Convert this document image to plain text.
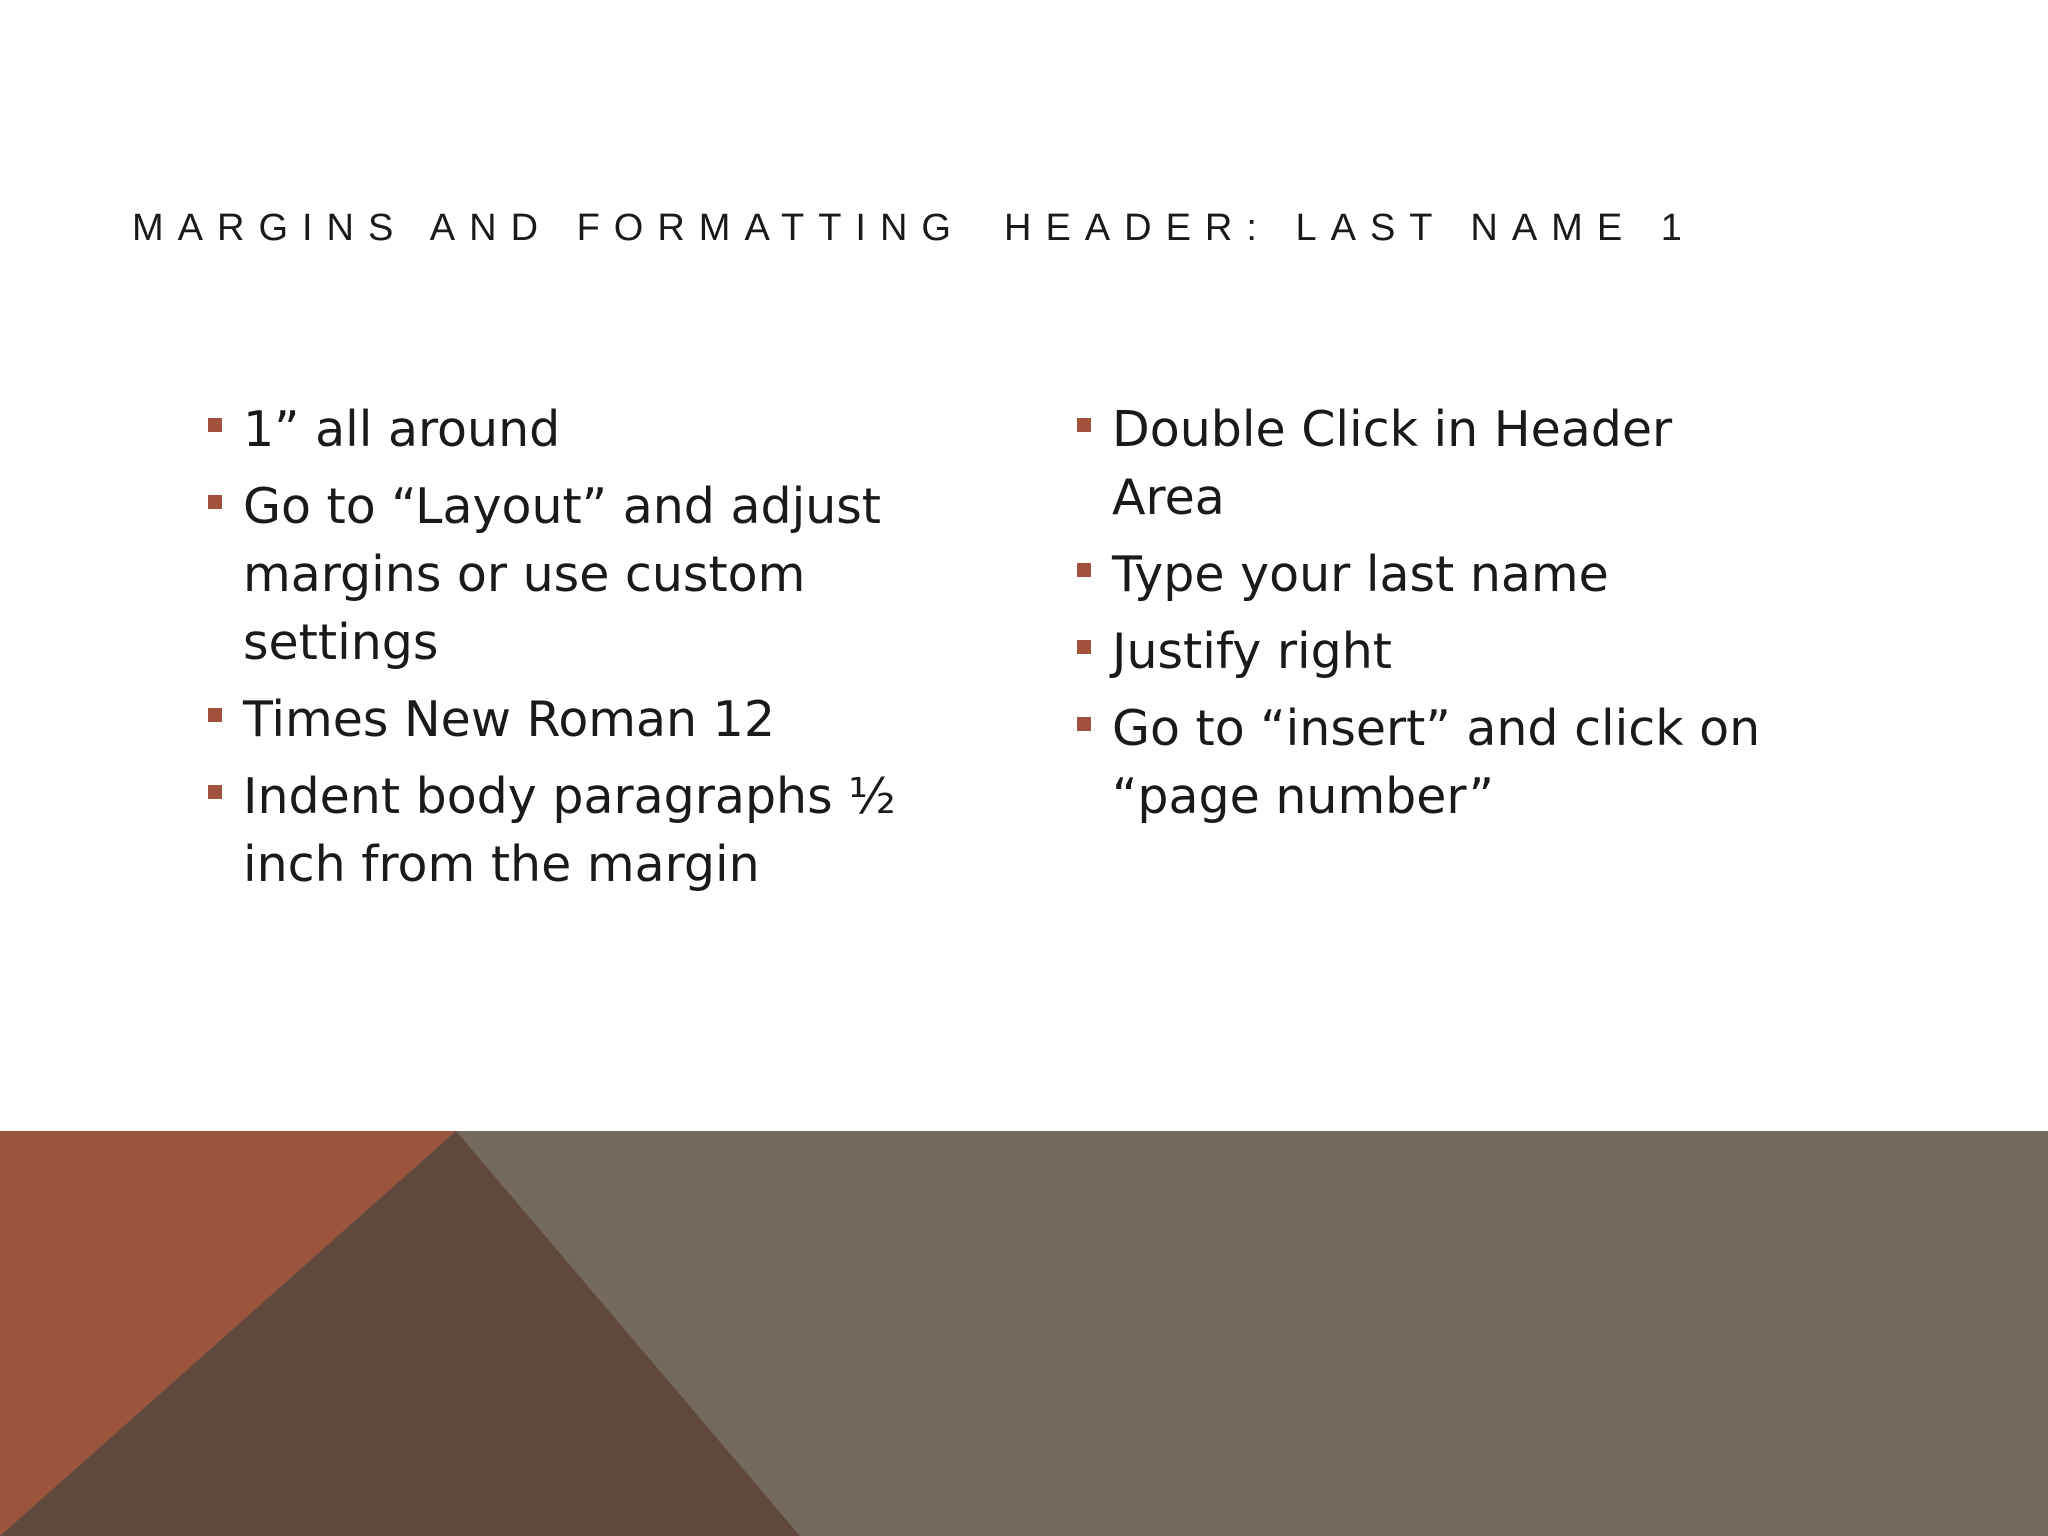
MARGINS AND FORMATTING HEADER: LAST NAME 1
1” all around
Go to “Layout” and adjust margins or use custom settings
Times New Roman 12
Indent body paragraphs ½ inch from the margin
Double Click in Header Area
Type your last name
Justify right
Go to “insert” and click on “page number”
